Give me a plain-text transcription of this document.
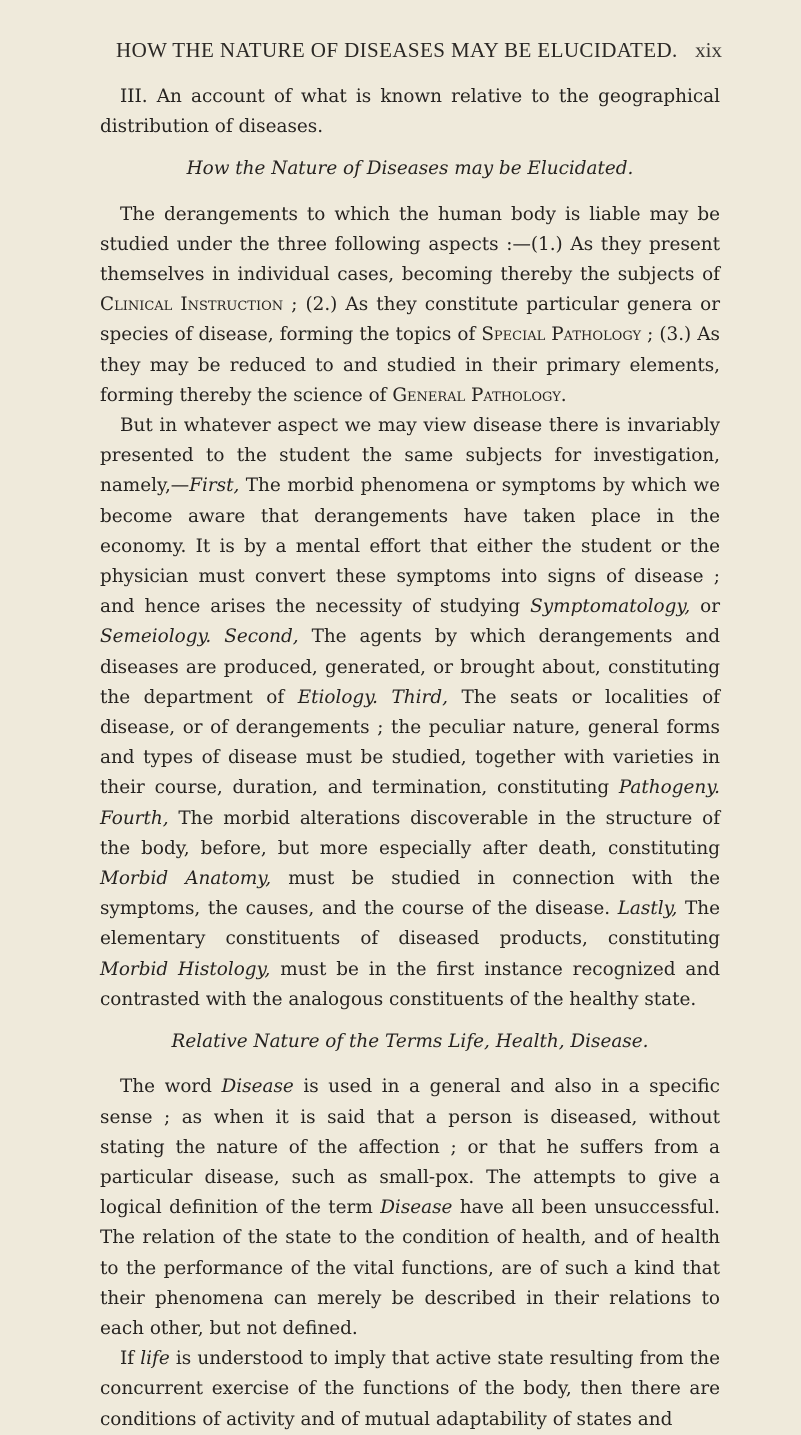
HOW THE NATURE OF DISEASES MAY BE ELUCIDATED. xix

III. An account of what is known relative to the geographical distribution of diseases.

How the Nature of Diseases may be Elucidated.

The derangements to which the human body is liable may be studied under the three following aspects :—(1.) As they present themselves in individual cases, becoming thereby the subjects of Clinical Instruction ; (2.) As they constitute particular genera or species of disease, forming the topics of Special Pathology ; (3.) As they may be reduced to and studied in their primary elements, forming thereby the science of General Pathology.

But in whatever aspect we may view disease there is invariably presented to the student the same subjects for investigation, namely,—First, The morbid phenomena or symptoms by which we become aware that derangements have taken place in the economy. It is by a mental effort that either the student or the physician must convert these symptoms into signs of disease ; and hence arises the necessity of studying Symptomatology, or Semeiology. Second, The agents by which derangements and diseases are produced, generated, or brought about, constituting the department of Etiology. Third, The seats or localities of disease, or of derangements ; the peculiar nature, general forms and types of disease must be studied, together with varieties in their course, duration, and termination, constituting Pathogeny. Fourth, The morbid alterations discoverable in the structure of the body, before, but more especially after death, constituting Morbid Anatomy, must be studied in connection with the symptoms, the causes, and the course of the disease. Lastly, The elementary constituents of diseased products, constituting Morbid Histology, must be in the first instance recognized and contrasted with the analogous constituents of the healthy state.

Relative Nature of the Terms Life, Health, Disease.

The word Disease is used in a general and also in a specific sense ; as when it is said that a person is diseased, without stating the nature of the affection ; or that he suffers from a particular disease, such as small-pox. The attempts to give a logical definition of the term Disease have all been unsuccessful. The relation of the state to the condition of health, and of health to the performance of the vital functions, are of such a kind that their phenomena can merely be described in their relations to each other, but not defined.

If life is understood to imply that active state resulting from the concurrent exercise of the functions of the body, then there are conditions of activity and of mutual adaptability of states and
